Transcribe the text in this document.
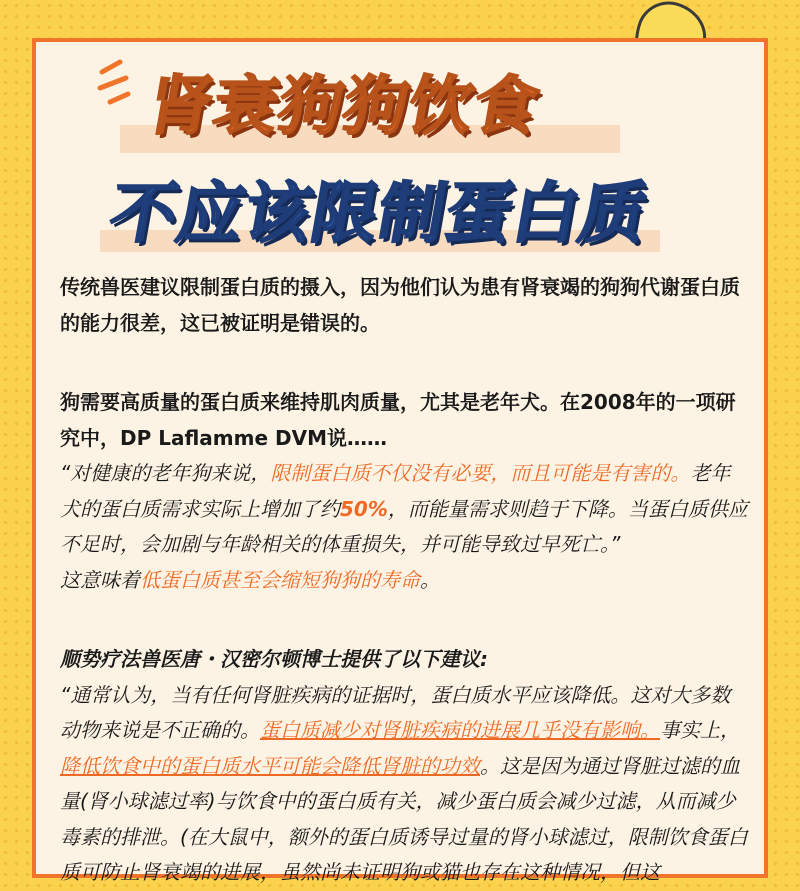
肾衰狗狗饮食
不应该限制蛋白质

传统兽医建议限制蛋白质的摄入，因为他们认为患有肾衰竭的狗狗代谢蛋白质的能力很差，这已被证明是错误的。

狗需要高质量的蛋白质来维持肌肉质量，尤其是老年犬。在2008年的一项研究中，DP Laflamme DVM说……

“对健康的老年狗来说，限制蛋白质不仅没有必要，而且可能是有害的。老年犬的蛋白质需求实际上增加了约50%，而能量需求则趋于下降。当蛋白质供应不足时，会加剧与年龄相关的体重损失，并可能导致过早死亡。”

这意味着低蛋白质甚至会缩短狗狗的寿命。

顺势疗法兽医唐・汉密尔顿博士提供了以下建议:

“通常认为，当有任何肾脏疾病的证据时，蛋白质水平应该降低。这对大多数动物来说是不正确的。蛋白质减少对肾脏疾病的进展几乎没有影响。事实上，降低饮食中的蛋白质水平可能会降低肾脏的功效。这是因为通过肾脏过滤的血量(肾小球滤过率)与饮食中的蛋白质有关，减少蛋白质会减少过滤，从而减少毒素的排泄。(在大鼠中，额外的蛋白质诱导过量的肾小球滤过，限制饮食蛋白质可防止肾衰竭的进展，虽然尚未证明狗或猫也存在这种情况，但这
